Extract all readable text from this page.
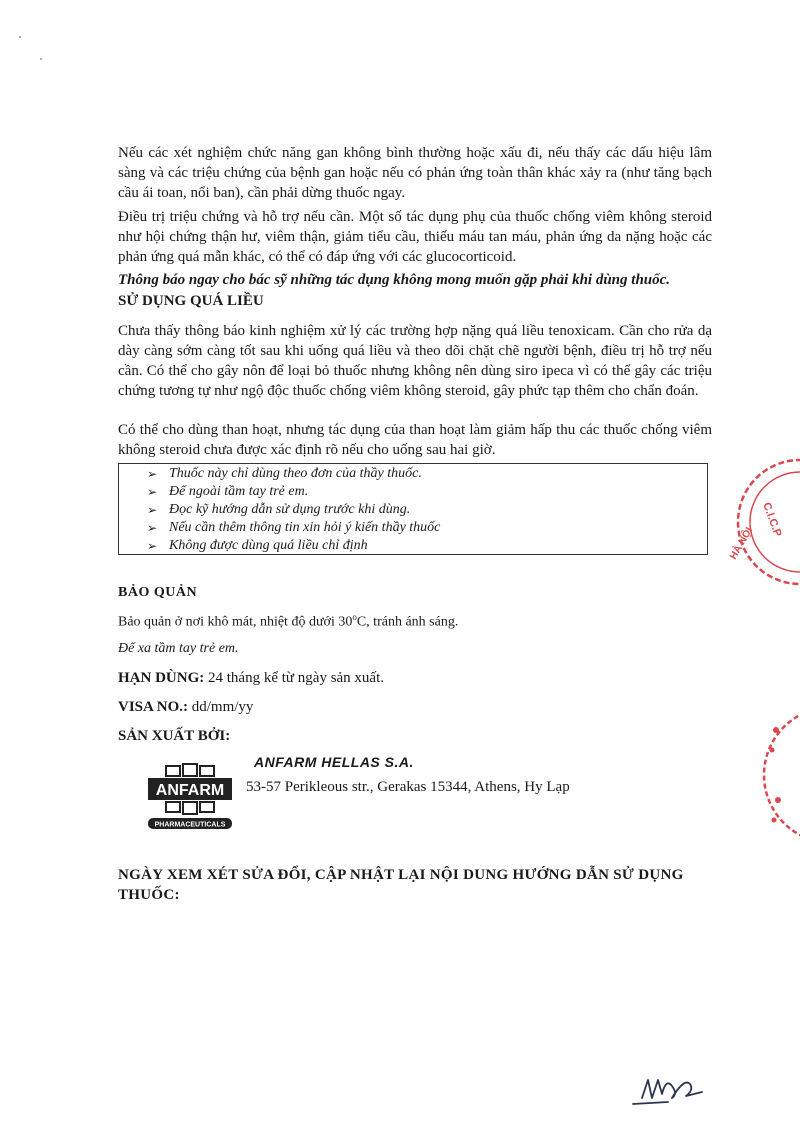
Nếu các xét nghiệm chức năng gan không bình thường hoặc xấu đi, nếu thấy các dấu hiệu lâm sàng và các triệu chứng của bệnh gan hoặc nếu có phản ứng toàn thân khác xảy ra (như tăng bạch cầu ái toan, nổi ban), cần phải dừng thuốc ngay.
Điều trị triệu chứng và hỗ trợ nếu cần. Một số tác dụng phụ của thuốc chống viêm không steroid như hội chứng thận hư, viêm thận, giảm tiểu cầu, thiếu máu tan máu, phản ứng da nặng hoặc các phản ứng quá mẫn khác, có thể có đáp ứng với các glucocorticoid.
Thông báo ngay cho bác sỹ những tác dụng không mong muốn gặp phải khi dùng thuốc.
SỬ DỤNG QUÁ LIỀU
Chưa thấy thông báo kinh nghiệm xử lý các trường hợp nặng quá liều tenoxicam. Cần cho rửa dạ dày càng sớm càng tốt sau khi uống quá liều và theo dõi chặt chẽ người bệnh, điều trị hỗ trợ nếu cần. Có thể cho gây nôn để loại bỏ thuốc nhưng không nên dùng siro ipeca vì có thể gây các triệu chứng tương tự như ngộ độc thuốc chống viêm không steroid, gây phức tạp thêm cho chẩn đoán.
Có thể cho dùng than hoạt, nhưng tác dụng của than hoạt làm giảm hấp thu các thuốc chống viêm không steroid chưa được xác định rõ nếu cho uống sau hai giờ.
➢ Thuốc này chỉ dùng theo đơn của thầy thuốc.
➢ Để ngoài tầm tay trẻ em.
➢ Đọc kỹ hướng dẫn sử dụng trước khi dùng.
➢ Nếu cần thêm thông tin xin hỏi ý kiến thầy thuốc
➢ Không được dùng quá liều chỉ định
BẢO QUẢN
Bảo quản ở nơi khô mát, nhiệt độ dưới 30$^o$C, tránh ánh sáng.
Để xa tầm tay trẻ em.
HẠN DÙNG: 24 tháng kể từ ngày sản xuất.
VISA NO.: dd/mm/yy
SẢN XUẤT BỞI:
ANFARM HELLAS S.A.
53-57 Perikleous str., Gerakas 15344, Athens, Hy Lạp
ANFARM
PHARMACEUTICALS
NGÀY XEM XÉT SỬA ĐỔI, CẬP NHẬT LẠI NỘI DUNG HƯỚNG DẪN SỬ DỤNG THUỐC:
C.I.C.P
HÀ NỘI
